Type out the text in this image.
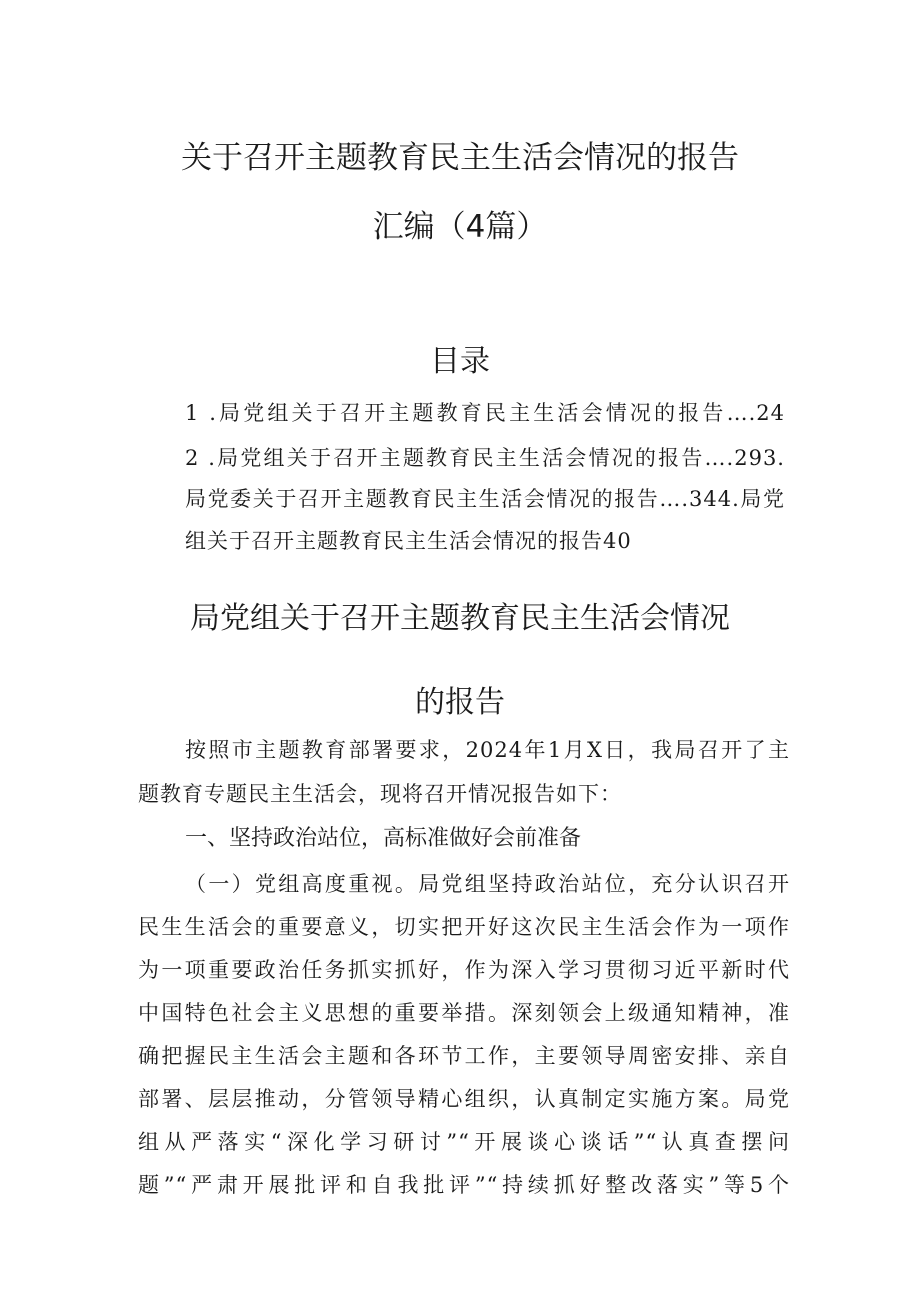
关于召开主题教育民主生活会情况的报告
汇编（4篇）
目录
1 .局党组关于召开主题教育民主生活会情况的报告….24
2 .局党组关于召开主题教育民主生活会情况的报告….293.
局党委关于召开主题教育民主生活会情况的报告….344.局党
组关于召开主题教育民主生活会情况的报告40
局党组关于召开主题教育民主生活会情况
的报告
按照市主题教育部署要求，2024年1月X日，我局召开了主
题教育专题民主生活会，现将召开情况报告如下：
一、坚持政治站位，高标准做好会前准备
（一）党组高度重视。局党组坚持政治站位，充分认识召开
民生生活会的重要意义，切实把开好这次民主生活会作为一项作
为一项重要政治任务抓实抓好，作为深入学习贯彻习近平新时代
中国特色社会主义思想的重要举措。深刻领会上级通知精神，准
确把握民主生活会主题和各环节工作，主要领导周密安排、亲自
部署、层层推动，分管领导精心组织，认真制定实施方案。局党
组从严落实“深化学习研讨”“开展谈心谈话”“认真查摆问
题”“严肃开展批评和自我批评”“持续抓好整改落实”等5个
